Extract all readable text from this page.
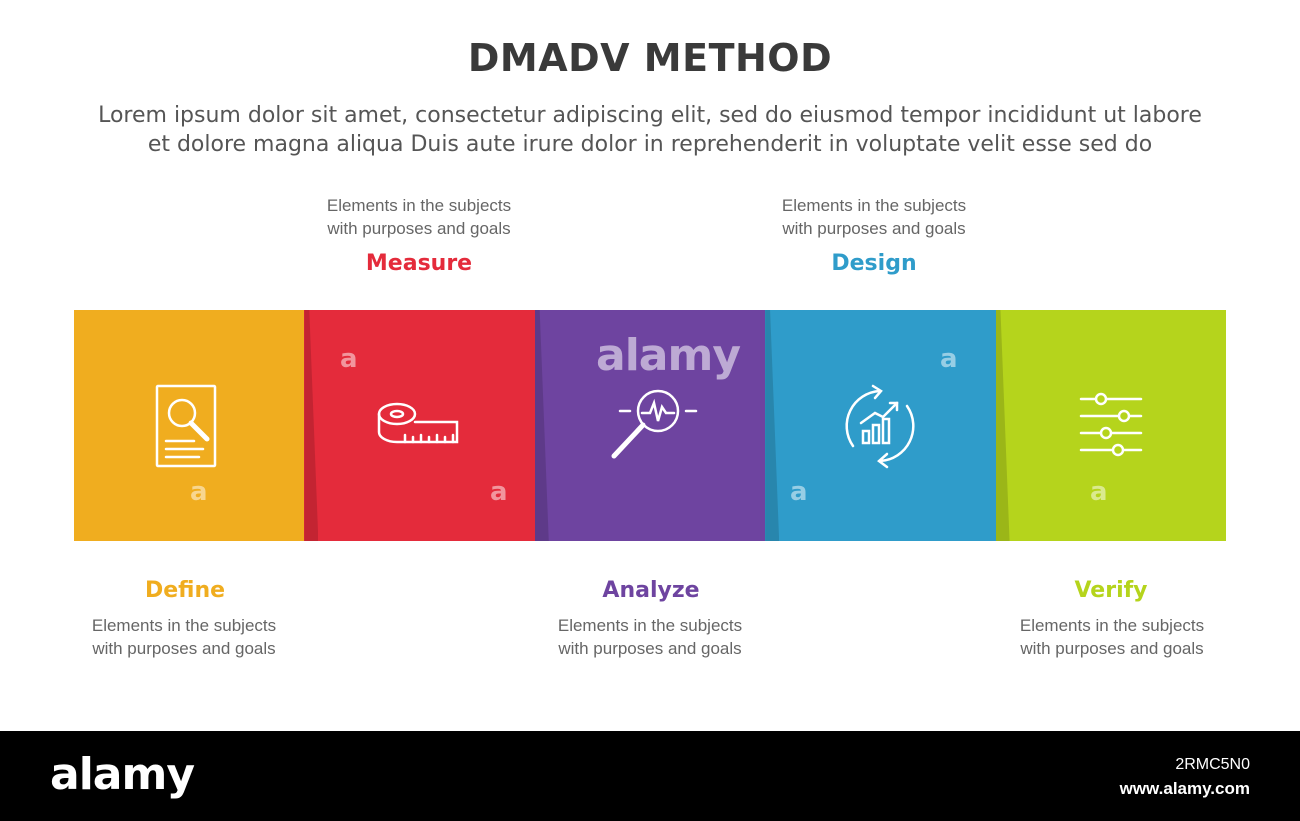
DMADV METHOD
Lorem ipsum dolor sit amet, consectetur adipiscing elit, sed do eiusmod tempor incididunt ut labore
et dolore magna aliqua Duis aute irure dolor in reprehenderit in voluptate velit esse sed do
Elements in the subjects
with purposes and goals
Measure
Elements in the subjects
with purposes and goals
Design
alamy
a	a
a	a	a	a
Define
Elements in the subjects
with purposes and goals
Analyze
Elements in the subjects
with purposes and goals
Verify
Elements in the subjects
with purposes and goals
alamy	2RMC5N0
www.alamy.com
